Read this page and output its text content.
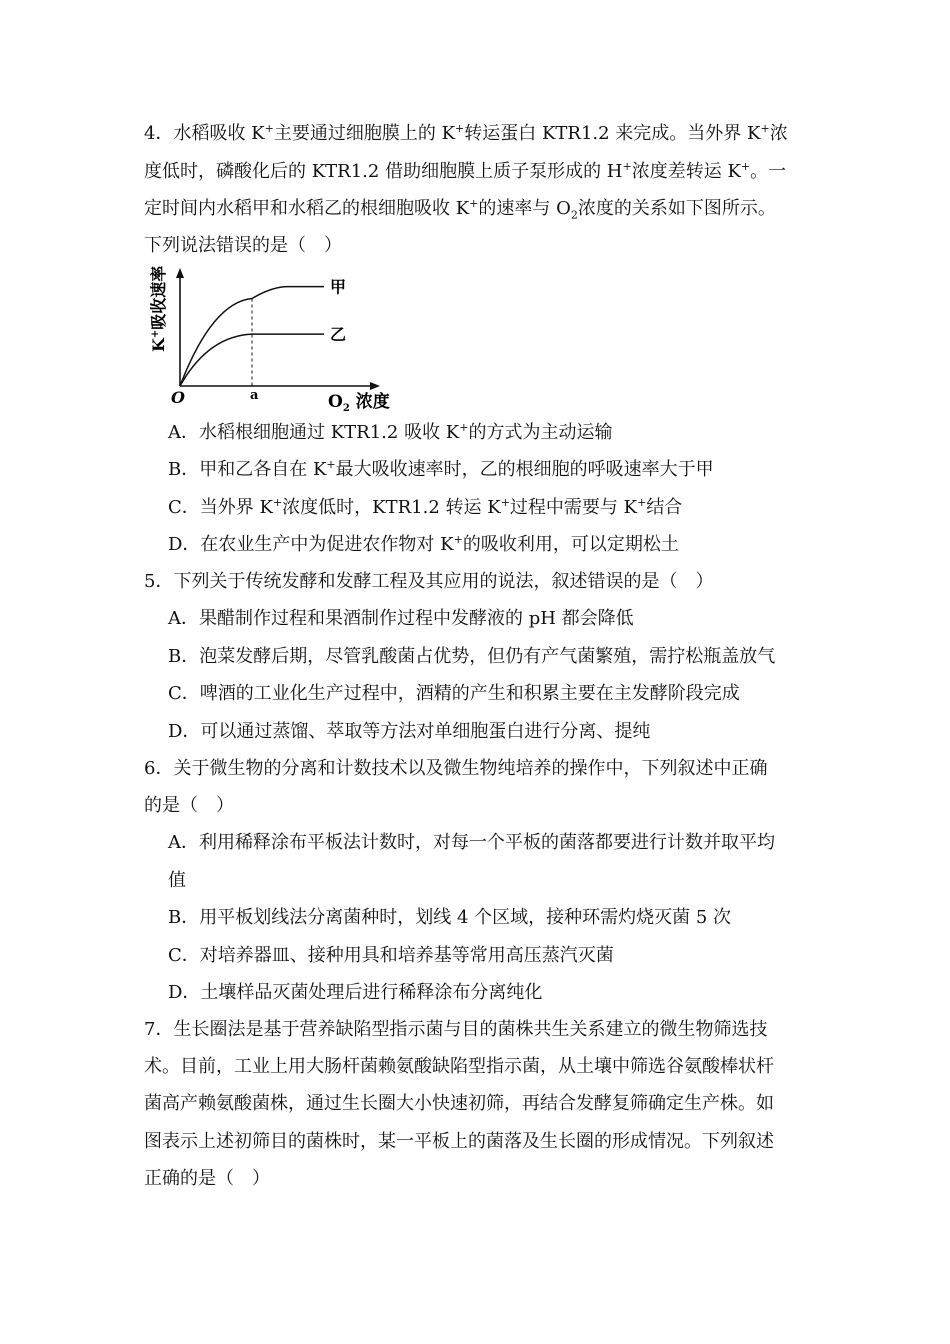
4．水稻吸收 K+主要通过细胞膜上的 K+转运蛋白 KTR1.2 来完成。当外界 K+浓
度低时，磷酸化后的 KTR1.2 借助细胞膜上质子泵形成的 H+浓度差转运 K+。一
定时间内水稻甲和水稻乙的根细胞吸收 K+的速率与 $O_2$浓度的关系如下图所示。
下列说法错误的是（　）
K+吸收速率
O	a	$O_2$ 浓度
甲
乙
A．水稻根细胞通过 KTR1.2 吸收 K+的方式为主动运输
B．甲和乙各自在 K+最大吸收速率时，乙的根细胞的呼吸速率大于甲
C．当外界 K+浓度低时，KTR1.2 转运 K+过程中需要与 K+结合
D．在农业生产中为促进农作物对 K+的吸收利用，可以定期松土
5．下列关于传统发酵和发酵工程及其应用的说法，叙述错误的是（　）
A．果醋制作过程和果酒制作过程中发酵液的 pH 都会降低
B．泡菜发酵后期，尽管乳酸菌占优势，但仍有产气菌繁殖，需拧松瓶盖放气
C．啤酒的工业化生产过程中，酒精的产生和积累主要在主发酵阶段完成
D．可以通过蒸馏、萃取等方法对单细胞蛋白进行分离、提纯
6．关于微生物的分离和计数技术以及微生物纯培养的操作中，下列叙述中正确
的是（　）
A．利用稀释涂布平板法计数时，对每一个平板的菌落都要进行计数并取平均
值
B．用平板划线法分离菌种时，划线 4 个区域，接种环需灼烧灭菌 5 次
C．对培养器皿、接种用具和培养基等常用高压蒸汽灭菌
D．土壤样品灭菌处理后进行稀释涂布分离纯化
7．生长圈法是基于营养缺陷型指示菌与目的菌株共生关系建立的微生物筛选技
术。目前，工业上用大肠杆菌赖氨酸缺陷型指示菌，从土壤中筛选谷氨酸棒状杆
菌高产赖氨酸菌株，通过生长圈大小快速初筛，再结合发酵复筛确定生产株。如
图表示上述初筛目的菌株时，某一平板上的菌落及生长圈的形成情况。下列叙述
正确的是（　）
